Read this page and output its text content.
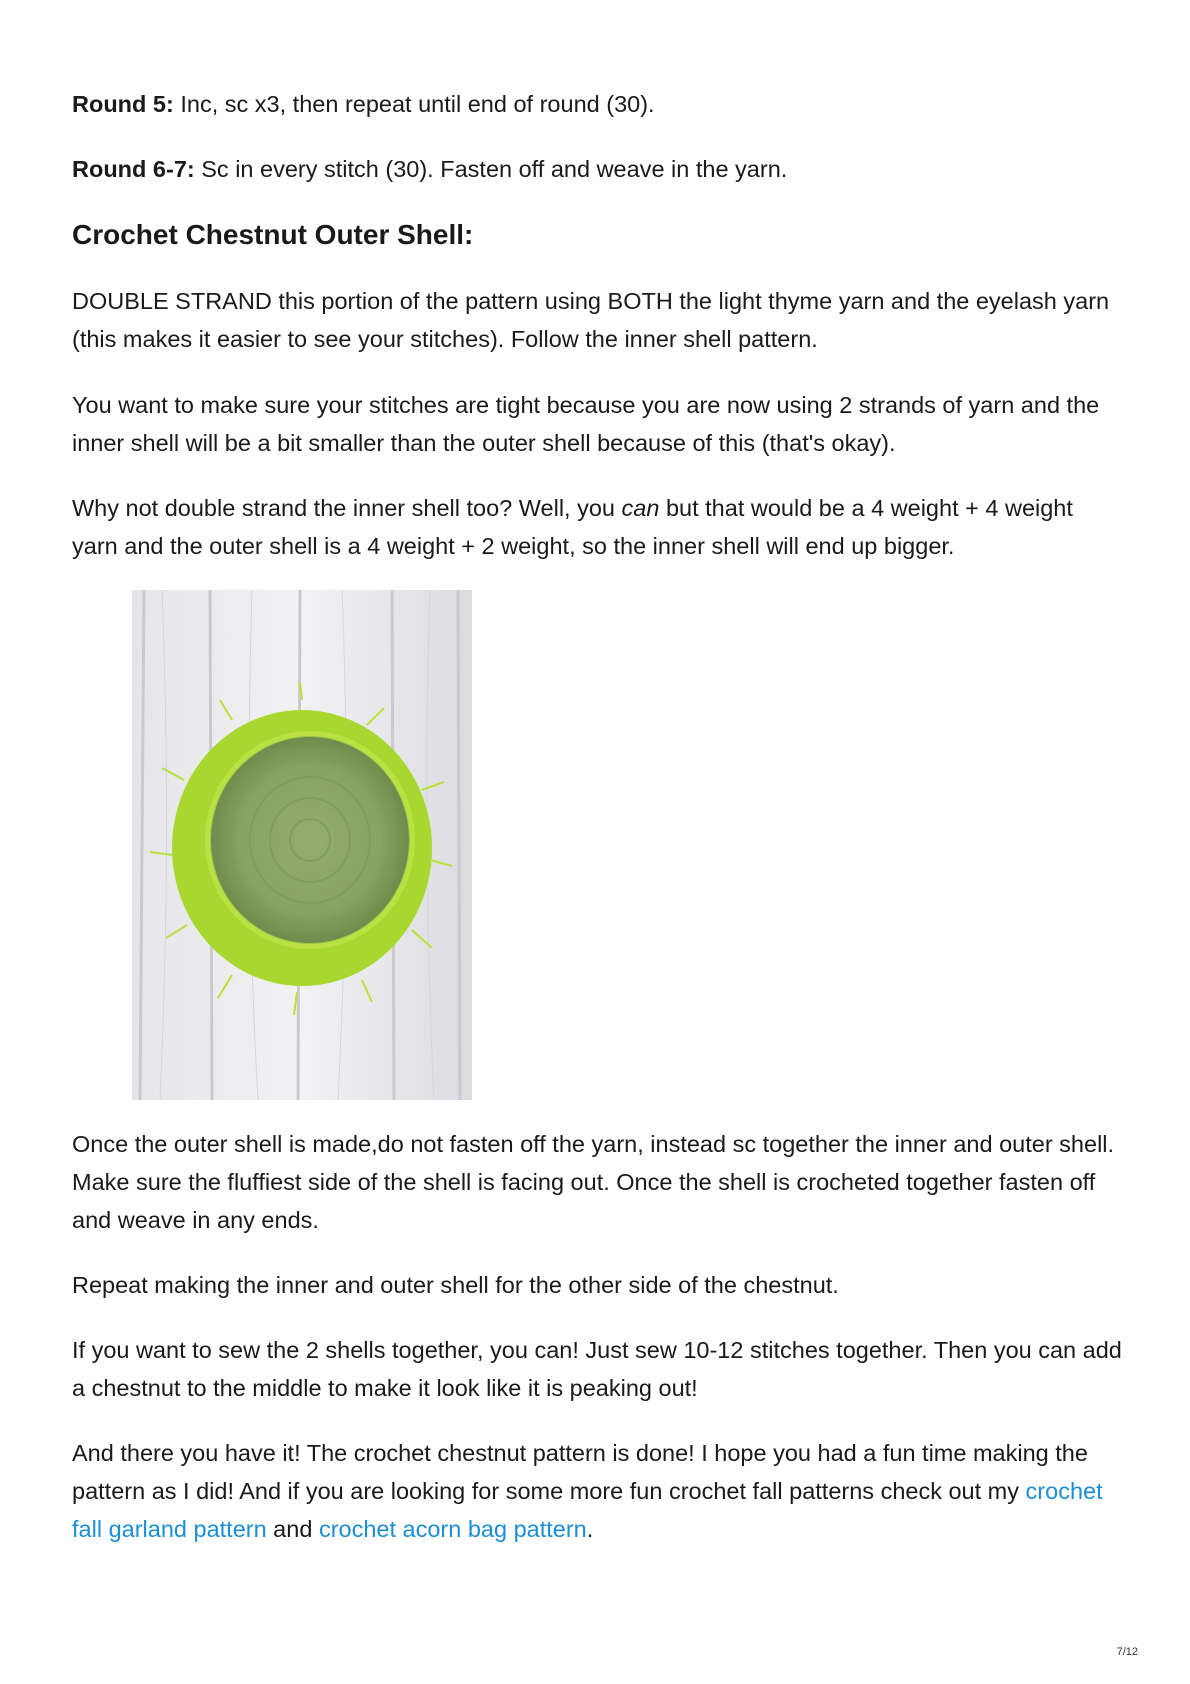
Round 5: Inc, sc x3, then repeat until end of round (30).

Round 6-7: Sc in every stitch (30). Fasten off and weave in the yarn.

Crochet Chestnut Outer Shell:

DOUBLE STRAND this portion of the pattern using BOTH the light thyme yarn and the eyelash yarn (this makes it easier to see your stitches). Follow the inner shell pattern.

You want to make sure your stitches are tight because you are now using 2 strands of yarn and the inner shell will be a bit smaller than the outer shell because of this (that's okay).

Why not double strand the inner shell too? Well, you can but that would be a 4 weight + 4 weight yarn and the outer shell is a 4 weight + 2 weight, so the inner shell will end up bigger.

Once the outer shell is made,do not fasten off the yarn, instead sc together the inner and outer shell. Make sure the fluffiest side of the shell is facing out. Once the shell is crocheted together fasten off and weave in any ends.

Repeat making the inner and outer shell for the other side of the chestnut.

If you want to sew the 2 shells together, you can! Just sew 10-12 stitches together. Then you can add a chestnut to the middle to make it look like it is peaking out!

And there you have it! The crochet chestnut pattern is done! I hope you had a fun time making the pattern as I did! And if you are looking for some more fun crochet fall patterns check out my crochet fall garland pattern and crochet acorn bag pattern.

7/12
